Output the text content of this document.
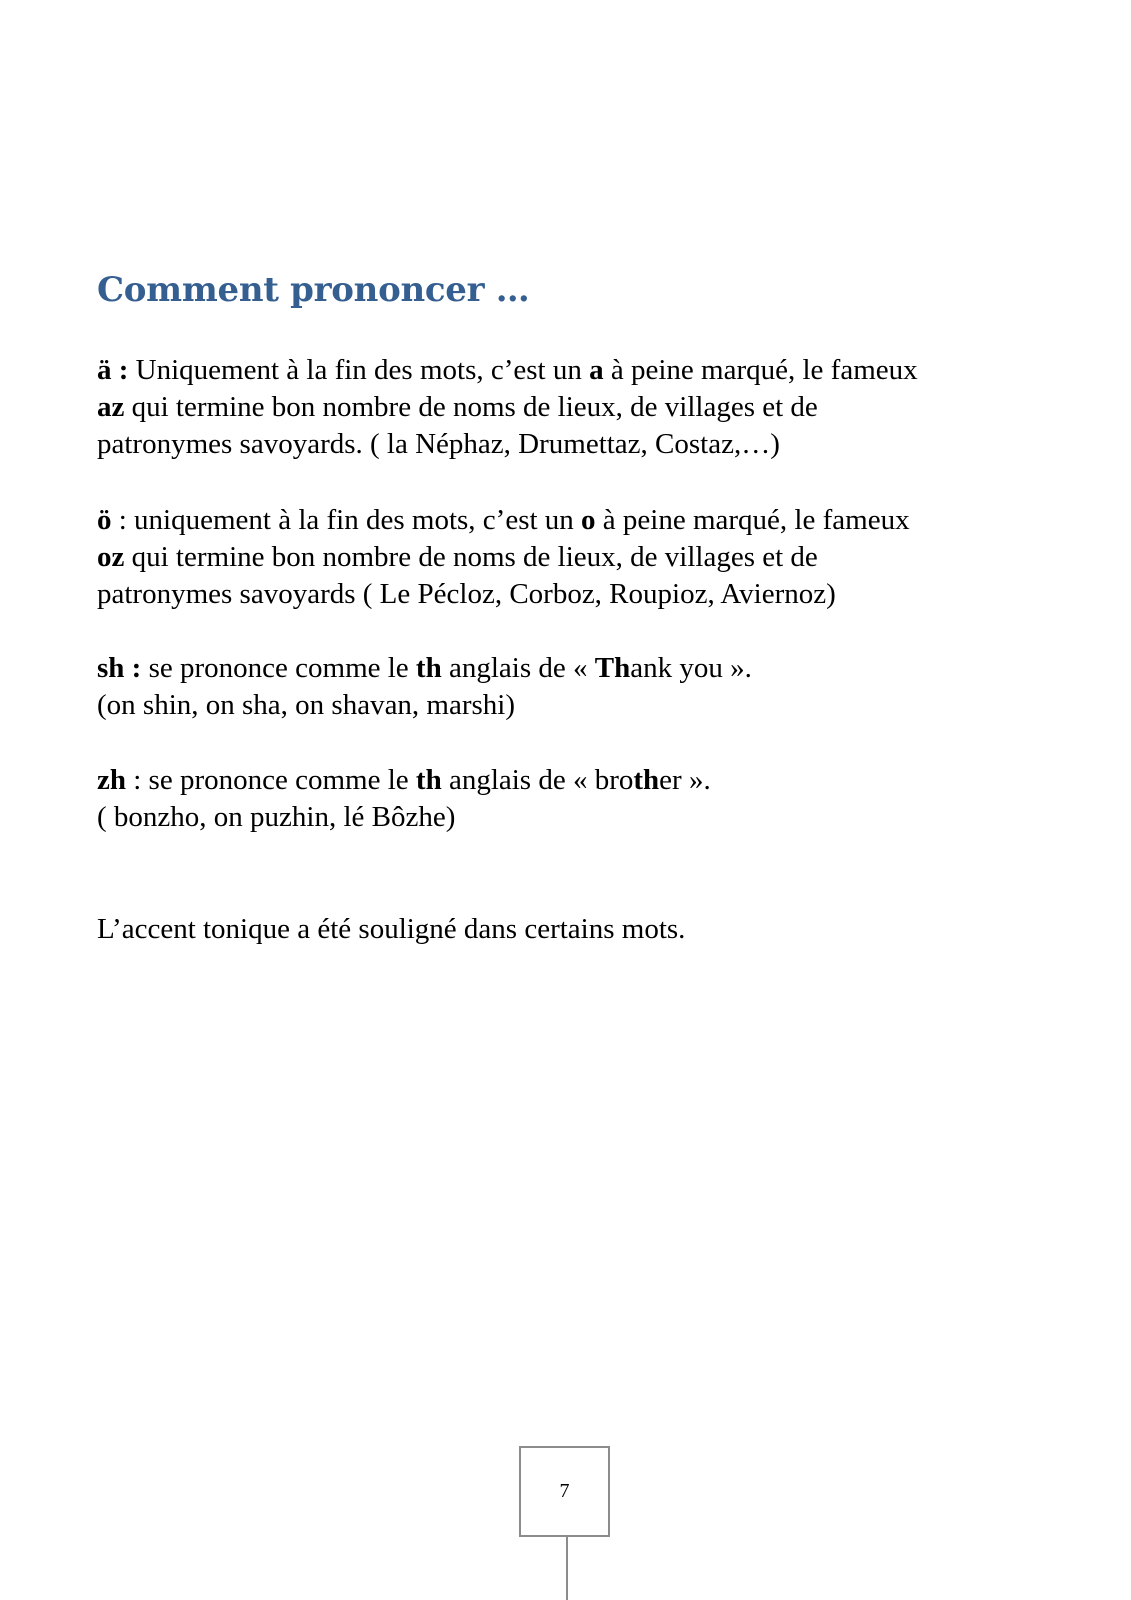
Comment prononcer …

ä : Uniquement à la fin des mots, c’est un a à peine marqué, le fameux

az qui termine bon nombre de noms de lieux, de villages et de

patronymes savoyards. ( la Néphaz, Drumettaz, Costaz,…)

ö : uniquement à la fin des mots, c’est un o à peine marqué, le fameux

oz qui termine bon nombre de noms de lieux, de villages et de

patronymes savoyards ( Le Pécloz, Corboz, Roupioz, Aviernoz)

sh : se prononce comme le th anglais de « Thank you ».

(on shin, on sha, on shavan, marshi)

zh : se prononce comme le th anglais de « brother ».

( bonzho, on puzhin, lé Bôzhe)

L’accent tonique a été souligné dans certains mots.

7
